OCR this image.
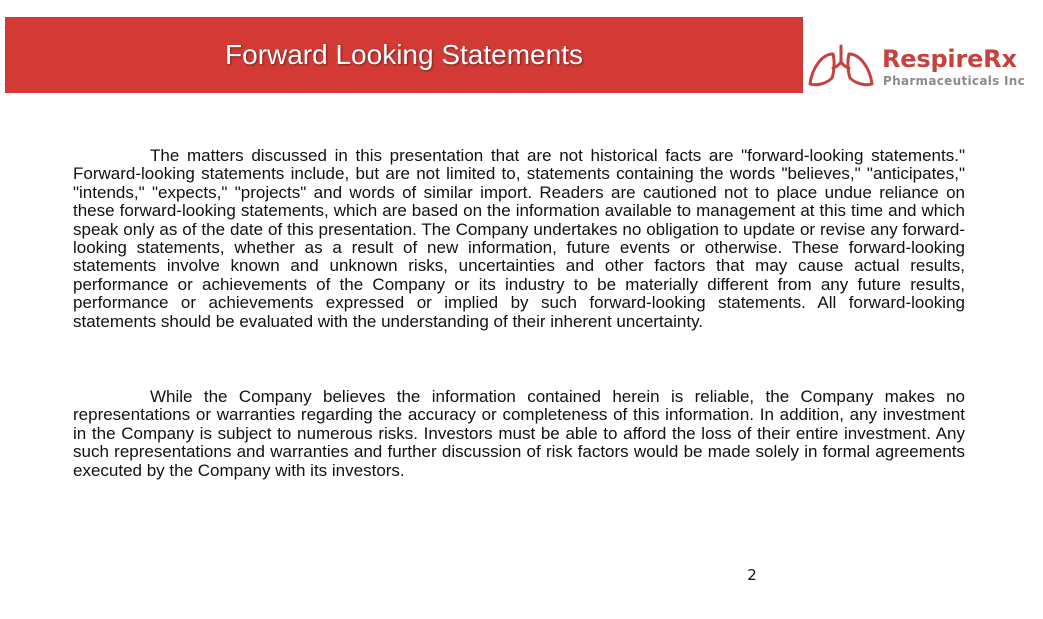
Forward Looking Statements	RespireRx
Pharmaceuticals Inc

The matters discussed in this presentation that are not historical facts are "forward-looking statements." Forward-looking statements include, but are not limited to, statements containing the words "believes," "anticipates," "intends," "expects," "projects" and words of similar import. Readers are cautioned not to place undue reliance on these forward-looking statements, which are based on the information available to management at this time and which speak only as of the date of this presentation. The Company undertakes no obligation to update or revise any forward-looking statements, whether as a result of new information, future events or otherwise. These forward-looking statements involve known and unknown risks, uncertainties and other factors that may cause actual results, performance or achievements of the Company or its industry to be materially different from any future results, performance or achievements expressed or implied by such forward-looking statements. All forward-looking statements should be evaluated with the understanding of their inherent uncertainty.

While the Company believes the information contained herein is reliable, the Company makes no representations or warranties regarding the accuracy or completeness of this information. In addition, any investment in the Company is subject to numerous risks. Investors must be able to afford the loss of their entire investment. Any such representations and warranties and further discussion of risk factors would be made solely in formal agreements executed by the Company with its investors.

2
